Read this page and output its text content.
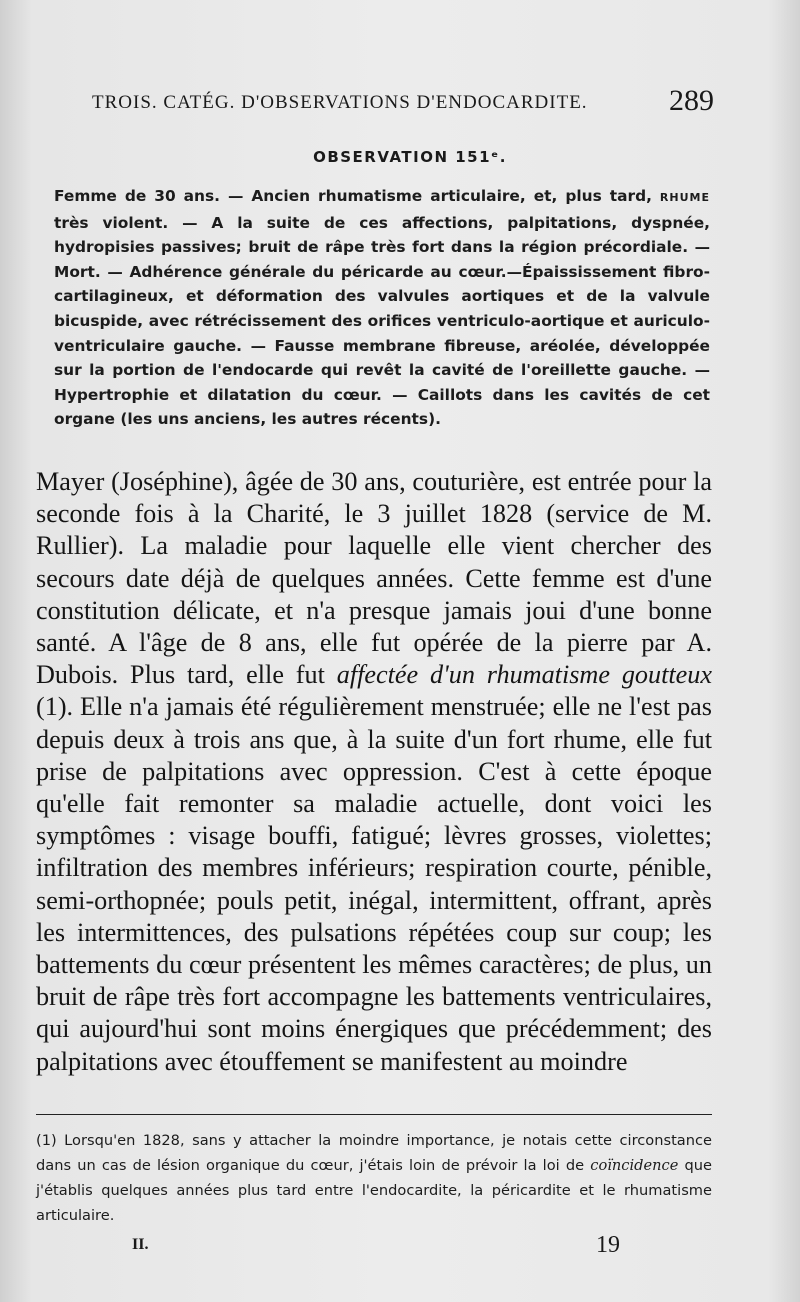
TROIS. CATÉG. D'OBSERVATIONS D'ENDOCARDITE.	289
OBSERVATION 151ᵉ.
Femme de 30 ans. — Ancien rhumatisme articulaire, et, plus tard, RHUME très violent. — A la suite de ces affections, palpitations, dyspnée, hydropisies passives; bruit de râpe très fort dans la région précordiale. — Mort. — Adhérence générale du péricarde au cœur.—Épaississement fibro-cartilagineux, et déformation des valvules aortiques et de la valvule bicuspide, avec rétrécissement des orifices ventriculo-aortique et auriculo-ventriculaire gauche. — Fausse membrane fibreuse, aréolée, développée sur la portion de l'endocarde qui revêt la cavité de l'oreillette gauche. — Hypertrophie et dilatation du cœur. — Caillots dans les cavités de cet organe (les uns anciens, les autres récents).
Mayer (Joséphine), âgée de 30 ans, couturière, est entrée pour la seconde fois à la Charité, le 3 juillet 1828 (service de M. Rullier). La maladie pour laquelle elle vient chercher des secours date déjà de quelques années. Cette femme est d'une constitution délicate, et n'a presque jamais joui d'une bonne santé. A l'âge de 8 ans, elle fut opérée de la pierre par A. Dubois. Plus tard, elle fut affectée d'un rhumatisme goutteux (1). Elle n'a jamais été régulièrement menstruée; elle ne l'est pas depuis deux à trois ans que, à la suite d'un fort rhume, elle fut prise de palpitations avec oppression. C'est à cette époque qu'elle fait remonter sa maladie actuelle, dont voici les symptômes : visage bouffi, fatigué; lèvres grosses, violettes; infiltration des membres inférieurs; respiration courte, pénible, semi-orthopnée; pouls petit, inégal, intermittent, offrant, après les intermittences, des pulsations répétées coup sur coup; les battements du cœur présentent les mêmes caractères; de plus, un bruit de râpe très fort accompagne les battements ventriculaires, qui aujourd'hui sont moins énergiques que précédemment; des palpitations avec étouffement se manifestent au moindre
(1) Lorsqu'en 1828, sans y attacher la moindre importance, je notais cette circonstance dans un cas de lésion organique du cœur, j'étais loin de prévoir la loi de coïncidence que j'établis quelques années plus tard entre l'endocardite, la péricardite et le rhumatisme articulaire.
II.	19
